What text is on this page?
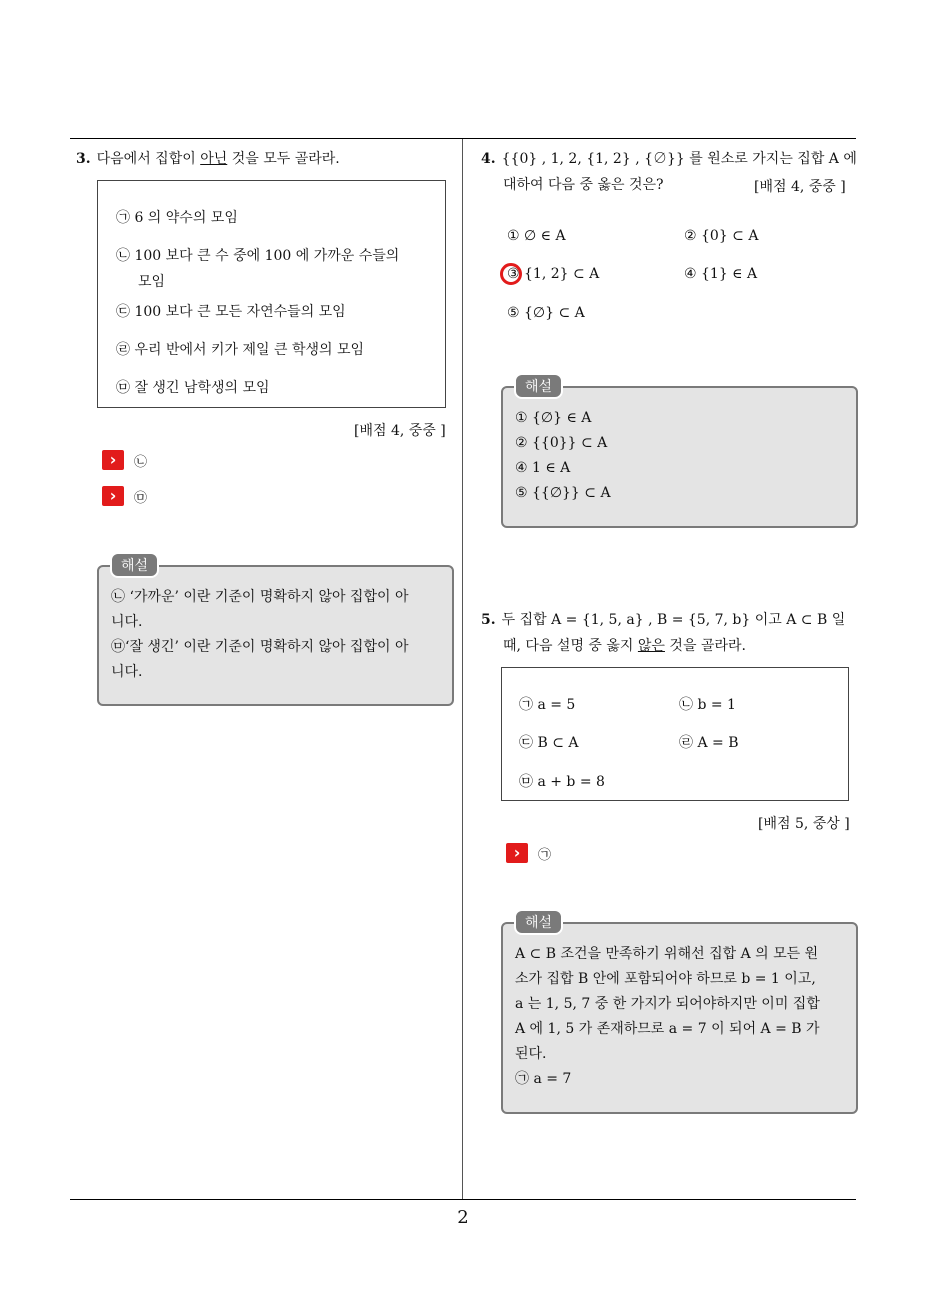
3. 다음에서 집합이 아닌 것을 모두 골라라.
㉠ 6 의 약수의 모임
㉡ 100 보다 큰 수 중에 100 에 가까운 수들의
모임
㉢ 100 보다 큰 모든 자연수들의 모임
㉣ 우리 반에서 키가 제일 큰 학생의 모임
㉤ 잘 생긴 남학생의 모임
[배점 4, 중중 ]
›	㉡
›	㉤
㉡ ‘가까운’ 이란 기준이 명확하지 않아 집합이 아
니다.
㉤‘잘 생긴’ 이란 기준이 명확하지 않아 집합이 아
니다.
해설
4. {{0} , 1, 2, {1, 2} , {∅}} 를 원소로 가지는 집합 A 에
대하여 다음 중 옳은 것은?	[배점 4, 중중 ]
① ∅ ∈ A	② {0} ⊂ A
③ {1, 2} ⊂ A	④ {1} ∈ A
⑤ {∅} ⊂ A
① {∅} ∈ A
② {{0}} ⊂ A
④ 1 ∈ A
⑤ {{∅}} ⊂ A
해설
5. 두 집합 A = {1, 5, a} , B = {5, 7, b} 이고 A ⊂ B 일
때, 다음 설명 중 옳지 않은 것을 골라라.
㉠ a = 5	㉡ b = 1
㉢ B ⊂ A	㉣ A = B
㉤ a + b = 8
[배점 5, 중상 ]
›	㉠
A ⊂ B 조건을 만족하기 위해선 집합 A 의 모든 원
소가 집합 B 안에 포함되어야 하므로 b = 1 이고,
a 는 1, 5, 7 중 한 가지가 되어야하지만 이미 집합
A 에 1, 5 가 존재하므로 a = 7 이 되어 A = B 가
된다.
㉠ a = 7
해설
2
